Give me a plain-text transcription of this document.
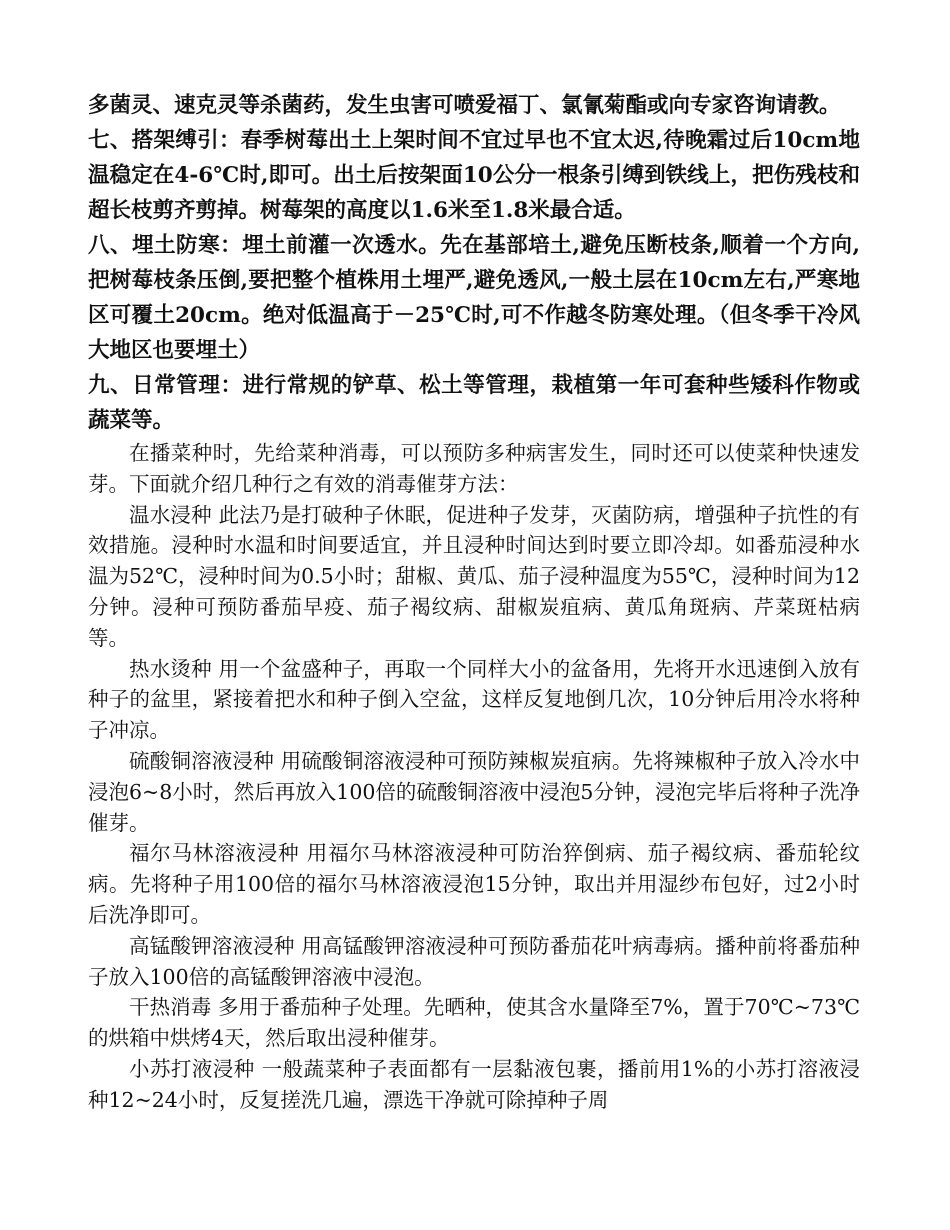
多菌灵、速克灵等杀菌药，发生虫害可喷爱福丁、氯氰菊酯或向专家咨询请教。

七、搭架缚引：春季树莓出土上架时间不宜过早也不宜太迟,待晚霜过后10cm地温稳定在4-6℃时,即可。出土后按架面10公分一根条引缚到铁线上，把伤残枝和超长枝剪齐剪掉。树莓架的高度以1.6米至1.8米最合适。

八、埋土防寒：埋土前灌一次透水。先在基部培土,避免压断枝条,顺着一个方向,把树莓枝条压倒,要把整个植株用土埋严,避免透风,一般土层在10cm左右,严寒地区可覆土20cm。绝对低温高于－25℃时,可不作越冬防寒处理。（但冬季干冷风大地区也要埋土）

九、日常管理：进行常规的铲草、松土等管理，栽植第一年可套种些矮科作物或蔬菜等。

在播菜种时，先给菜种消毒，可以预防多种病害发生，同时还可以使菜种快速发芽。下面就介绍几种行之有效的消毒催芽方法：

温水浸种 此法乃是打破种子休眠，促进种子发芽，灭菌防病，增强种子抗性的有效措施。浸种时水温和时间要适宜，并且浸种时间达到时要立即冷却。如番茄浸种水温为52℃，浸种时间为0.5小时；甜椒、黄瓜、茄子浸种温度为55℃，浸种时间为12分钟。浸种可预防番茄早疫、茄子褐纹病、甜椒炭疽病、黄瓜角斑病、芹菜斑枯病等。

热水烫种 用一个盆盛种子，再取一个同样大小的盆备用，先将开水迅速倒入放有种子的盆里，紧接着把水和种子倒入空盆，这样反复地倒几次，10分钟后用冷水将种子冲凉。

硫酸铜溶液浸种 用硫酸铜溶液浸种可预防辣椒炭疽病。先将辣椒种子放入冷水中浸泡6~8小时，然后再放入100倍的硫酸铜溶液中浸泡5分钟，浸泡完毕后将种子洗净催芽。

福尔马林溶液浸种 用福尔马林溶液浸种可防治猝倒病、茄子褐纹病、番茄轮纹病。先将种子用100倍的福尔马林溶液浸泡15分钟，取出并用湿纱布包好，过2小时后洗净即可。

高锰酸钾溶液浸种 用高锰酸钾溶液浸种可预防番茄花叶病毒病。播种前将番茄种子放入100倍的高锰酸钾溶液中浸泡。

干热消毒 多用于番茄种子处理。先晒种，使其含水量降至7%，置于70℃~73℃的烘箱中烘烤4天，然后取出浸种催芽。

小苏打液浸种 一般蔬菜种子表面都有一层黏液包裹，播前用1%的小苏打溶液浸种12~24小时，反复搓洗几遍，漂选干净就可除掉种子周
